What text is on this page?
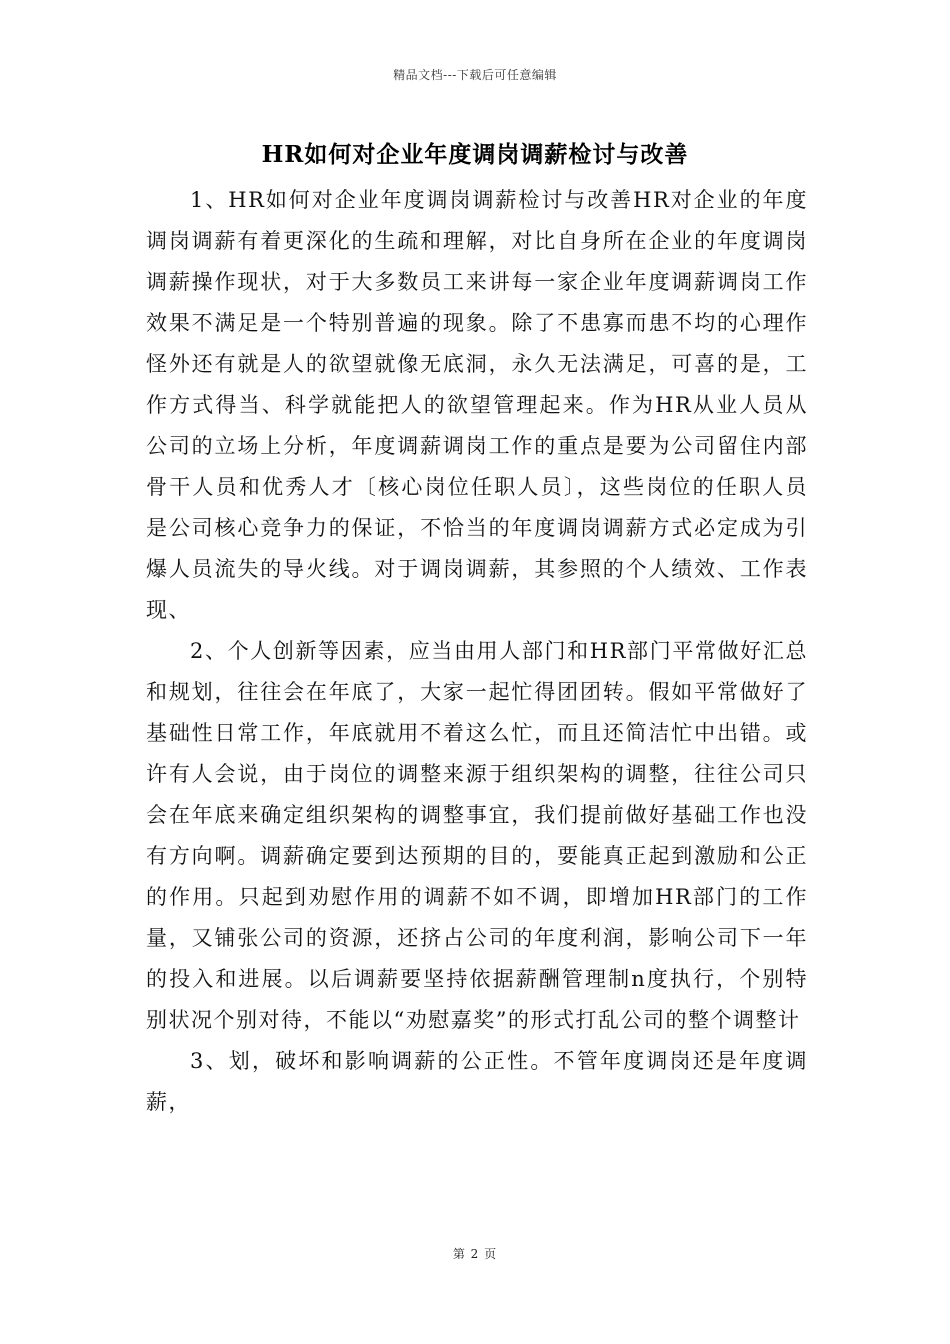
精品文档---下载后可任意编辑
HR如何对企业年度调岗调薪检讨与改善

1、HR如何对企业年度调岗调薪检讨与改善HR对企业的年度调岗调薪有着更深化的生疏和理解，对比自身所在企业的年度调岗调薪操作现状，对于大多数员工来讲每一家企业年度调薪调岗工作效果不满足是一个特别普遍的现象。除了不患寡而患不均的心理作怪外还有就是人的欲望就像无底洞，永久无法满足，可喜的是，工作方式得当、科学就能把人的欲望管理起来。作为HR从业人员从公司的立场上分析，年度调薪调岗工作的重点是要为公司留住内部骨干人员和优秀人才〔核心岗位任职人员〕，这些岗位的任职人员是公司核心竞争力的保证，不恰当的年度调岗调薪方式必定成为引爆人员流失的导火线。对于调岗调薪，其参照的个人绩效、工作表现、

2、个人创新等因素，应当由用人部门和HR部门平常做好汇总和规划，往往会在年底了，大家一起忙得团团转。假如平常做好了基础性日常工作，年底就用不着这么忙，而且还简洁忙中出错。或许有人会说，由于岗位的调整来源于组织架构的调整，往往公司只会在年底来确定组织架构的调整事宜，我们提前做好基础工作也没有方向啊。调薪确定要到达预期的目的，要能真正起到激励和公正的作用。只起到劝慰作用的调薪不如不调，即增加HR部门的工作量，又铺张公司的资源，还挤占公司的年度利润，影响公司下一年的投入和进展。以后调薪要坚持依据薪酬管理制n度执行，个别特别状况个别对待，不能以“劝慰嘉奖”的形式打乱公司的整个调整计

3、划，破坏和影响调薪的公正性。不管年度调岗还是年度调薪，

第 2 页
